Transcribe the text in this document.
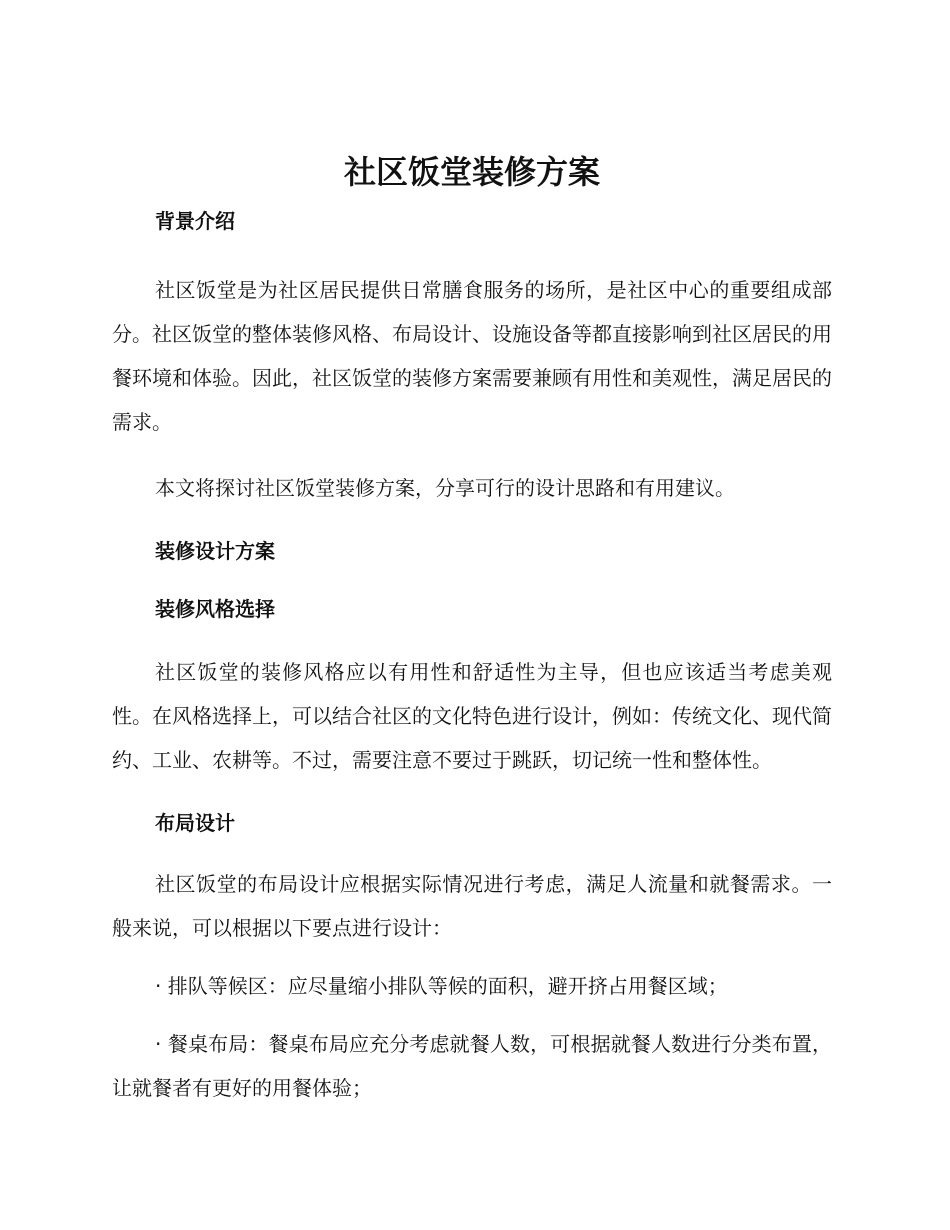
社区饭堂装修方案
背景介绍

社区饭堂是为社区居民提供日常膳食服务的场所，是社区中心的重要组成部分。社区饭堂的整体装修风格、布局设计、设施设备等都直接影响到社区居民的用餐环境和体验。因此，社区饭堂的装修方案需要兼顾有用性和美观性，满足居民的需求。

本文将探讨社区饭堂装修方案，分享可行的设计思路和有用建议。

装修设计方案
装修风格选择

社区饭堂的装修风格应以有用性和舒适性为主导，但也应该适当考虑美观性。在风格选择上，可以结合社区的文化特色进行设计，例如：传统文化、现代简约、工业、农耕等。不过，需要注意不要过于跳跃，切记统一性和整体性。

布局设计

社区饭堂的布局设计应根据实际情况进行考虑，满足人流量和就餐需求。一般来说，可以根据以下要点进行设计：

· 排队等候区：应尽量缩小排队等候的面积，避开挤占用餐区域；

· 餐桌布局：餐桌布局应充分考虑就餐人数，可根据就餐人数进行分类布置，让就餐者有更好的用餐体验；
